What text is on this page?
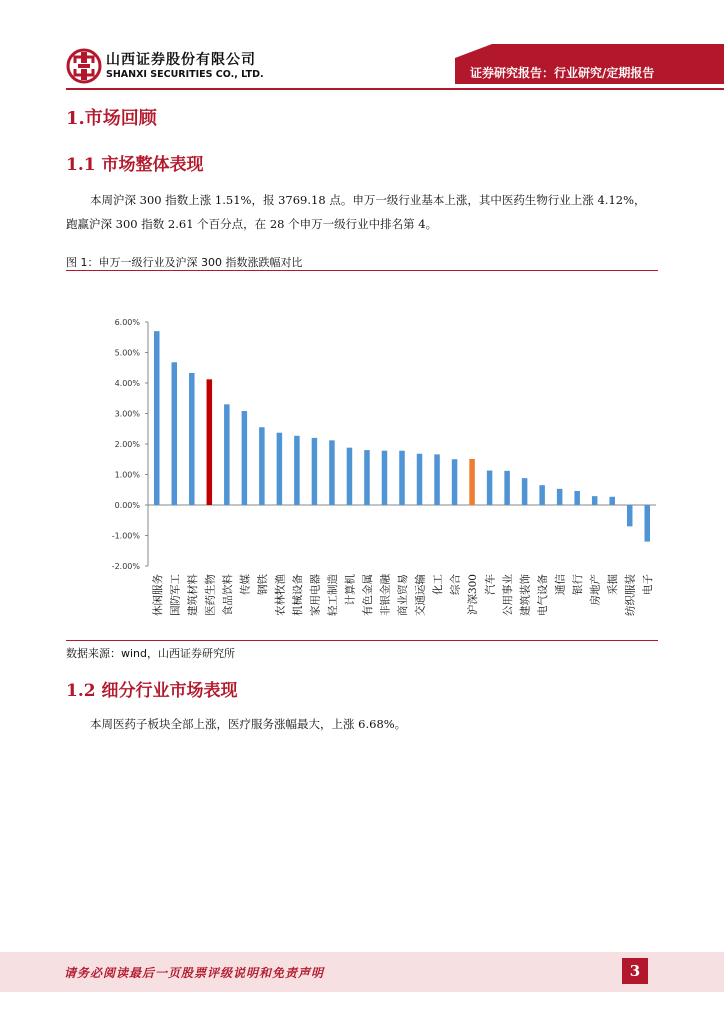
山西证券股份有限公司
SHANXI SECURITIES CO., LTD.	证券研究报告：行业研究/定期报告
1.市场回顾
1.1 市场整体表现

本周沪深 300 指数上涨 1.51%，报 3769.18 点。申万一级行业基本上涨，其中医药生物行业上涨 4.12%，

跑赢沪深 300 指数 2.61 个百分点，在 28 个申万一级行业中排名第 4。

图 1：申万一级行业及沪深 300 指数涨跌幅对比
6.00%
5.00%
4.00%
3.00%
2.00%
1.00%
0.00%
-1.00%
-2.00%
休闲服务 国防军工 建筑材料 医药生物 食品饮料 传媒 钢铁 农林牧渔 机械设备 家用电器 轻工制造 计算机 有色金属 非银金融 商业贸易 交通运输 化工 综合 沪深300 汽车 公用事业 建筑装饰 电气设备 通信 银行 房地产 采掘 纺织服装 电子
数据来源：wind，山西证券研究所
1.2 细分行业市场表现

本周医药子板块全部上涨，医疗服务涨幅最大，上涨 6.68%。

请务必阅读最后一页股票评级说明和免责声明	3
